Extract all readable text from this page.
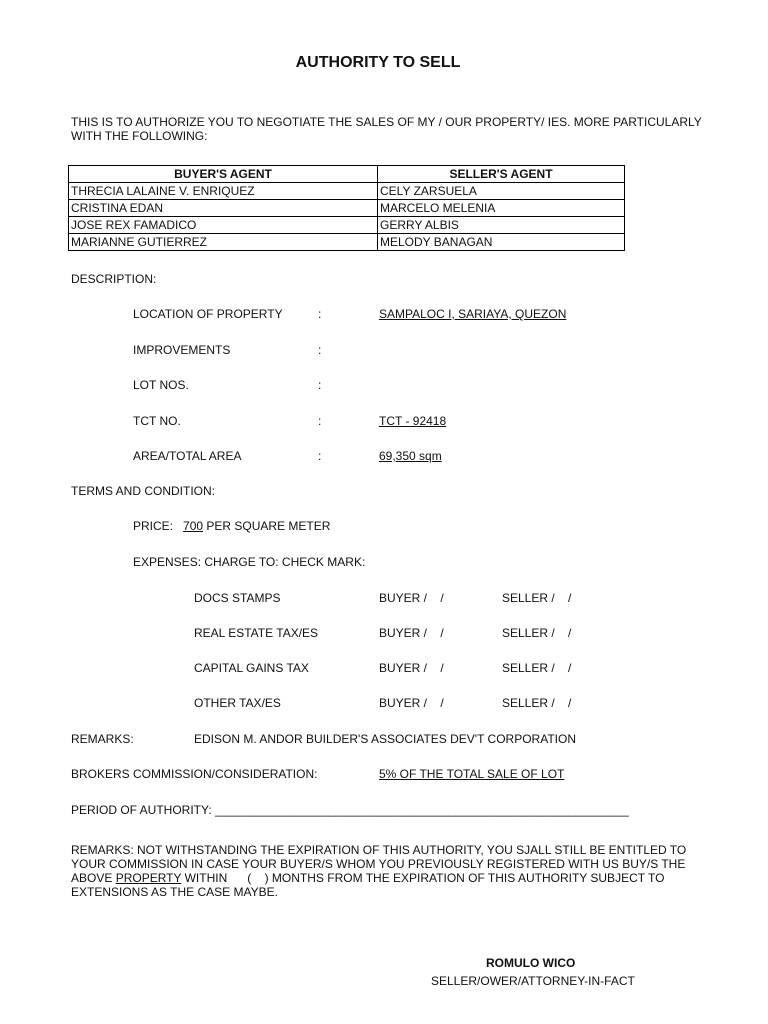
AUTHORITY TO SELL
THIS IS TO AUTHORIZE YOU TO NEGOTIATE THE SALES OF MY / OUR PROPERTY/ IES. MORE PARTICULARLY WITH THE FOLLOWING:
BUYER'S AGENT	SELLER'S AGENT
THRECIA LALAINE V. ENRIQUEZ	CELY ZARSUELA
CRISTINA EDAN	MARCELO MELENIA
JOSE REX FAMADICO	GERRY ALBIS
MARIANNE GUTIERREZ	MELODY BANAGAN
DESCRIPTION:
LOCATION OF PROPERTY	:	SAMPALOC I, SARIAYA, QUEZON
IMPROVEMENTS	:
LOT NOS.	:
TCT NO.	:	TCT - 92418
AREA/TOTAL AREA	:	69,350 sqm
TERMS AND CONDITION:
PRICE: 700 PER SQUARE METER
EXPENSES: CHARGE TO: CHECK MARK:
DOCS STAMPS	BUYER /    /	SELLER /    /
REAL ESTATE TAX/ES	BUYER /    /	SELLER /    /
CAPITAL GAINS TAX	BUYER /    /	SELLER /    /
OTHER TAX/ES	BUYER /    /	SELLER /    /
REMARKS:	EDISON M. ANDOR BUILDER'S ASSOCIATES DEV'T CORPORATION
BROKERS COMMISSION/CONSIDERATION:	5% OF THE TOTAL SALE OF LOT
PERIOD OF AUTHORITY: ______________________________________________________________
REMARKS: NOT WITHSTANDING THE EXPIRATION OF THIS AUTHORITY, YOU SJALL STILL BE ENTITLED TO YOUR COMMISSION IN CASE YOUR BUYER/S WHOM YOU PREVIOUSLY REGISTERED WITH US BUY/S THE ABOVE PROPERTY WITHIN      (    ) MONTHS FROM THE EXPIRATION OF THIS AUTHORITY SUBJECT TO EXTENSIONS AS THE CASE MAYBE.
ROMULO WICO
SELLER/OWER/ATTORNEY-IN-FACT
